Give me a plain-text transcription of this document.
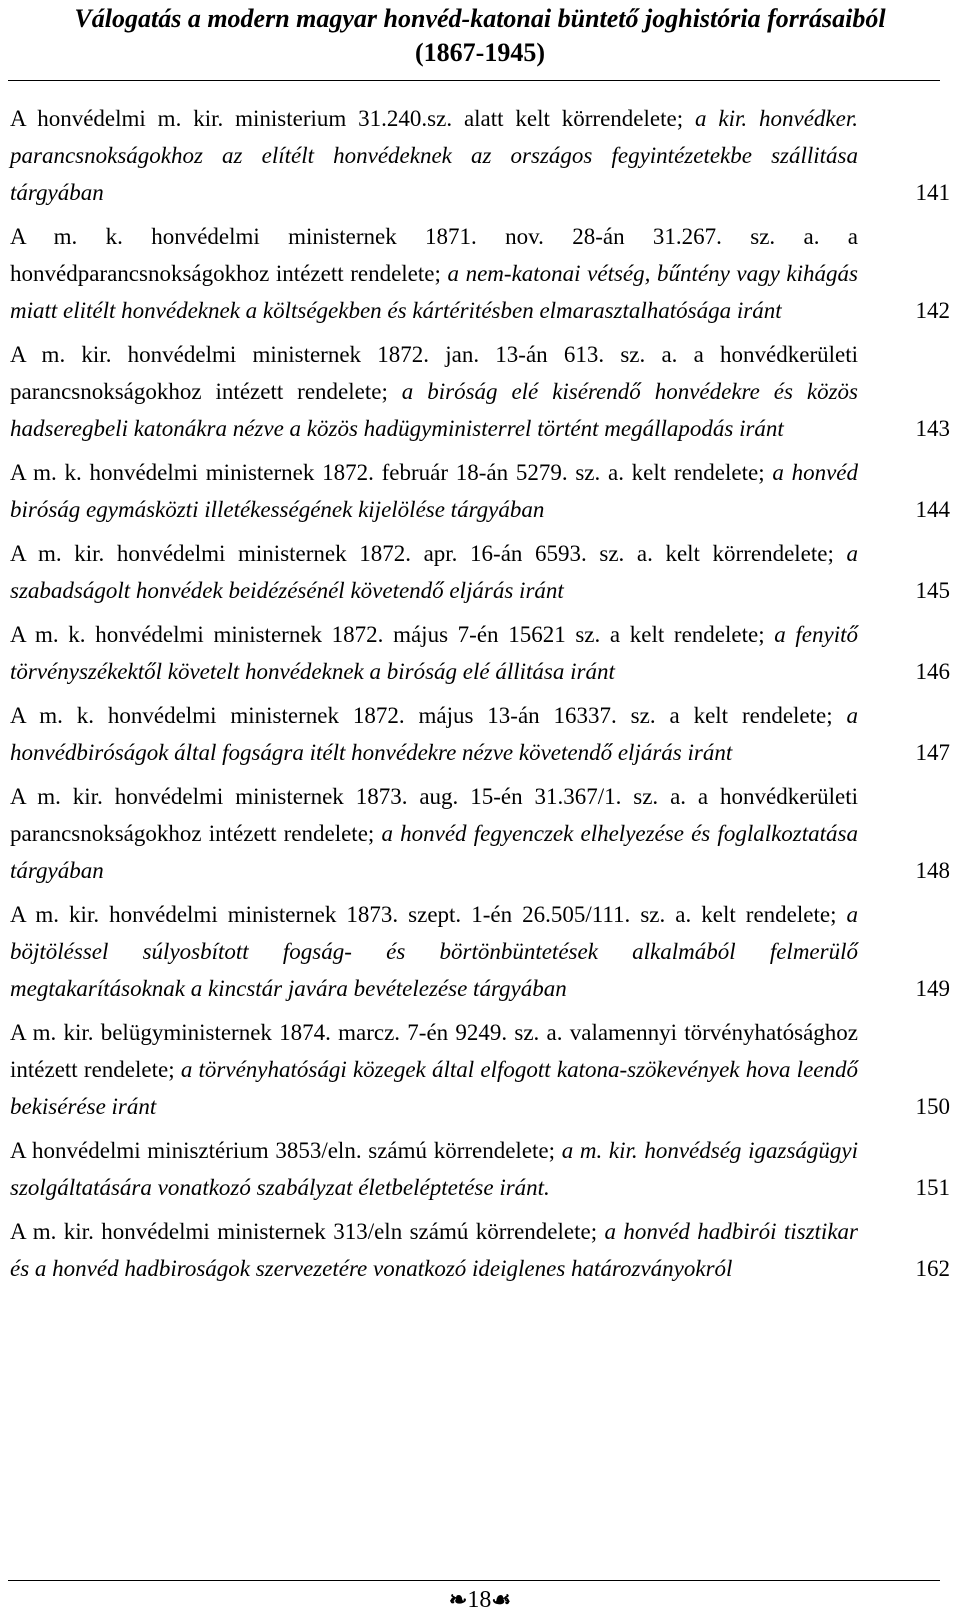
Válogatás a modern magyar honvéd-katonai büntető joghistória forrásaiból
(1867-1945)
A honvédelmi m. kir. ministerium 31.240.sz. alatt kelt körrendelete; a kir. honvédker. parancsnokságokhoz az elítélt honvédeknek az országos fegyintézetekbe szállitása tárgyában	141
A m. k. honvédelmi ministernek 1871. nov. 28-án 31.267. sz. a. a honvédparancsnokságokhoz intézett rendelete; a nem-katonai vétség, bűntény vagy kihágás miatt elitélt honvédeknek a költségekben és kártéritésben elmarasztalhatósága iránt	142
A m. kir. honvédelmi ministernek 1872. jan. 13-án 613. sz. a. a honvédkerületi parancsnokságokhoz intézett rendelete; a biróság elé kisérendő honvédekre és közös hadseregbeli katonákra nézve a közös hadügyministerrel történt megállapodás iránt	143
A m. k. honvédelmi ministernek 1872. február 18-án 5279. sz. a. kelt rendelete; a honvéd biróság egymásközti illetékességének kijelölése tárgyában	144
A m. kir. honvédelmi ministernek 1872. apr. 16-án 6593. sz. a. kelt körrendelete; a szabadságolt honvédek beidézésénél követendő eljárás iránt	145
A m. k. honvédelmi ministernek 1872. május 7-én 15621 sz. a kelt rendelete; a fenyitő törvényszékektől követelt honvédeknek a biróság elé állitása iránt	146
A m. k. honvédelmi ministernek 1872. május 13-án 16337. sz. a kelt rendelete; a honvédbiróságok által fogságra itélt honvédekre nézve követendő eljárás iránt	147
A m. kir. honvédelmi ministernek 1873. aug. 15-én 31.367/1. sz. a. a honvédkerületi parancsnokságokhoz intézett rendelete; a honvéd fegyenczek elhelyezése és foglalkoztatása tárgyában	148
A m. kir. honvédelmi ministernek 1873. szept. 1-én 26.505/111. sz. a. kelt rendelete; a böjtöléssel súlyosbított fogság- és börtönbüntetések alkalmából felmerülő megtakarításoknak a kincstár javára bevételezése tárgyában	149
A m. kir. belügyministernek 1874. marcz. 7-én 9249. sz. a. valamennyi törvényhatósághoz intézett rendelete; a törvényhatósági közegek által elfogott katona-szökevények hova leendő bekisérése iránt	150
A honvédelmi minisztérium 3853/eln. számú körrendelete; a m. kir. honvédség igazságügyi szolgáltatására vonatkozó szabályzat életbeléptetése iránt.	151
A m. kir. honvédelmi ministernek 313/eln számú körrendelete; a honvéd hadbirói tisztikar és a honvéd hadbiroságok szervezetére vonatkozó ideiglenes határozványokról	162
❧18☙
